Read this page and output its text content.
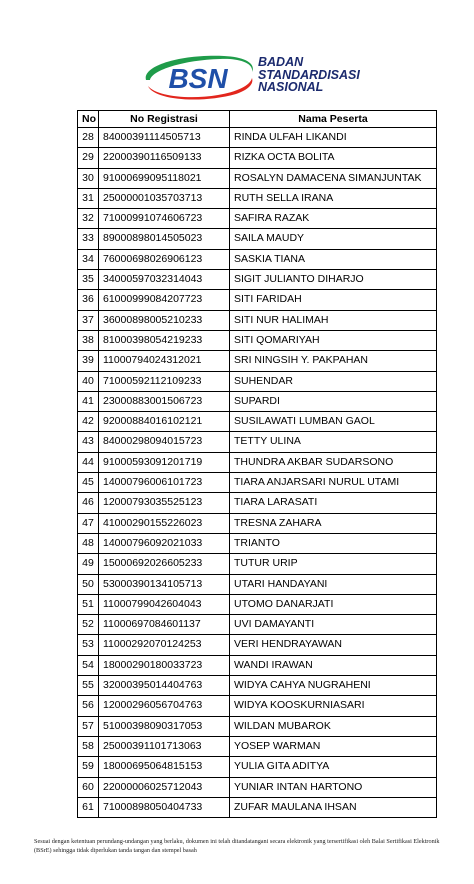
BSN
BADAN
STANDARDISASI
NASIONAL
No	No Registrasi	Nama Peserta
28	84000391114505713	RINDA ULFAH LIKANDI
29	22000390116509133	RIZKA OCTA BOLITA
30	91000699095118021	ROSALYN DAMACENA SIMANJUNTAK
31	25000001035703713	RUTH SELLA IRANA
32	71000991074606723	SAFIRA RAZAK
33	89000898014505023	SAILA MAUDY
34	76000698026906123	SASKIA TIANA
35	34000597032314043	SIGIT JULIANTO DIHARJO
36	61000999084207723	SITI FARIDAH
37	36000898005210233	SITI NUR HALIMAH
38	81000398054219233	SITI QOMARIYAH
39	11000794024312021	SRI NINGSIH Y. PAKPAHAN
40	71000592112109233	SUHENDAR
41	23000883001506723	SUPARDI
42	92000884016102121	SUSILAWATI LUMBAN GAOL
43	84000298094015723	TETTY ULINA
44	91000593091201719	THUNDRA AKBAR SUDARSONO
45	14000796006101723	TIARA ANJARSARI NURUL UTAMI
46	12000793035525123	TIARA LARASATI
47	41000290155226023	TRESNA ZAHARA
48	14000796092021033	TRIANTO
49	15000692026605233	TUTUR URIP
50	53000390134105713	UTARI HANDAYANI
51	11000799042604043	UTOMO DANARJATI
52	11000697084601137	UVI DAMAYANTI
53	11000292070124253	VERI HENDRAYAWAN
54	18000290180033723	WANDI IRAWAN
55	32000395014404763	WIDYA CAHYA NUGRAHENI
56	12000296056704763	WIDYA KOOSKURNIASARI
57	51000398090317053	WILDAN MUBAROK
58	25000391101713063	YOSEP WARMAN
59	18000695064815153	YULIA GITA ADITYA
60	22000006025712043	YUNIAR INTAN HARTONO
61	71000898050404733	ZUFAR MAULANA IHSAN
Sesuai dengan ketentuan perundang-undangan yang berlaku, dokumen ini telah ditandatangani secara elektronik yang tersertifikasi oleh Balai Sertifikasi Elektronik (BSrE) sehingga tidak diperlukan tanda tangan dan stempel basah
